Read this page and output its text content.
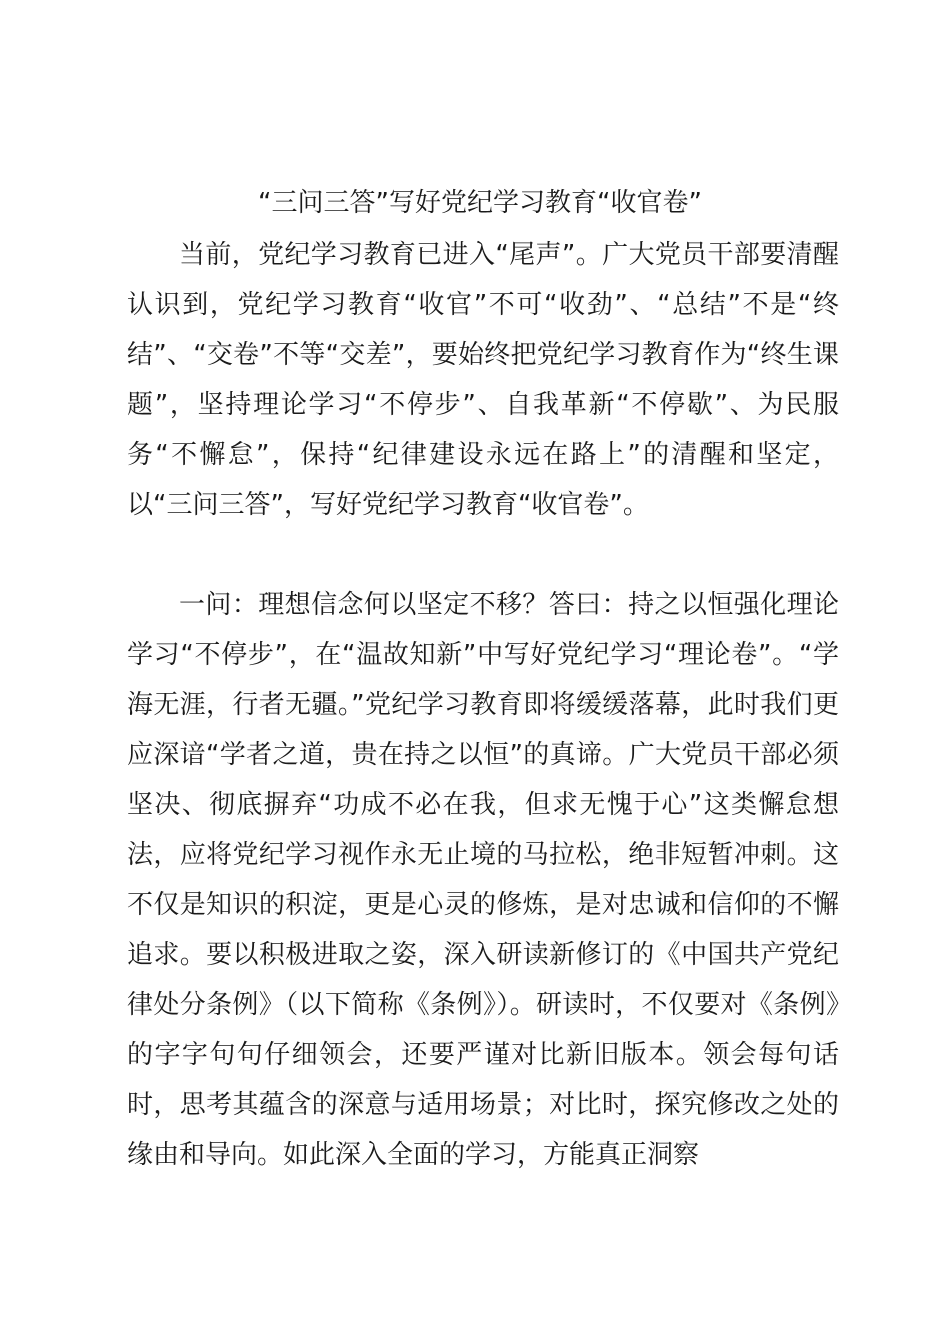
“三问三答”写好党纪学习教育“收官卷”

当前，党纪学习教育已进入“尾声”。广大党员干部要清醒认识到，党纪学习教育“收官”不可“收劲”、“总结”不是“终结”、“交卷”不等“交差”，要始终把党纪学习教育作为“终生课题”，坚持理论学习“不停步”、自我革新“不停歇”、为民服务“不懈怠”，保持“纪律建设永远在路上”的清醒和坚定，以“三问三答”，写好党纪学习教育“收官卷”。

一问：理想信念何以坚定不移？答曰：持之以恒强化理论学习“不停步”，在“温故知新”中写好党纪学习“理论卷”。“学海无涯，行者无疆。”党纪学习教育即将缓缓落幕，此时我们更应深谙“学者之道，贵在持之以恒”的真谛。广大党员干部必须坚决、彻底摒弃“功成不必在我，但求无愧于心”这类懈怠想法，应将党纪学习视作永无止境的马拉松，绝非短暂冲刺。这不仅是知识的积淀，更是心灵的修炼，是对忠诚和信仰的不懈追求。要以积极进取之姿，深入研读新修订的《中国共产党纪律处分条例》（以下简称《条例》）。研读时，不仅要对《条例》的字字句句仔细领会，还要严谨对比新旧版本。领会每句话时，思考其蕴含的深意与适用场景；对比时，探究修改之处的缘由和导向。如此深入全面的学习，方能真正洞察
